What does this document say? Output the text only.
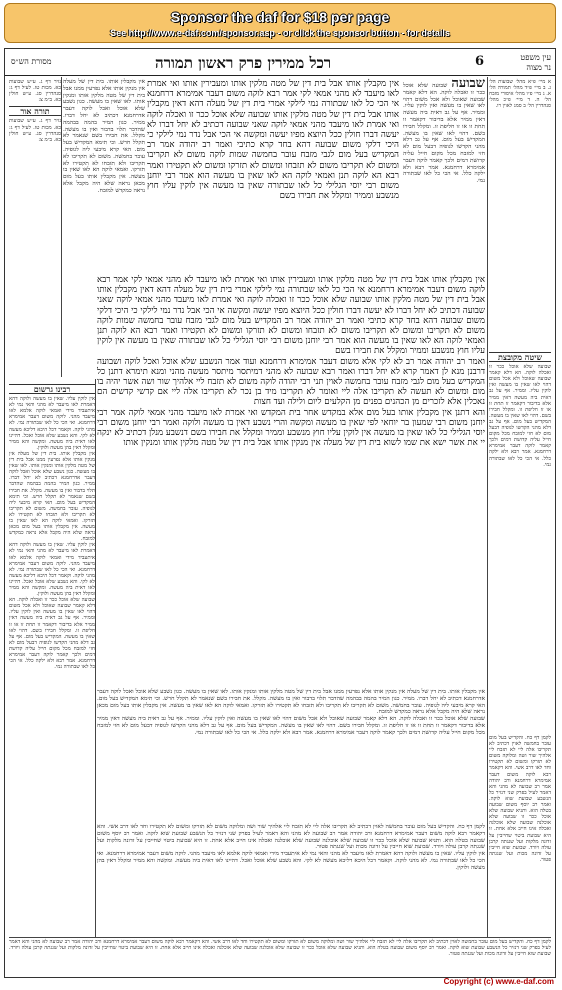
Sponsor the daf for $18 per page
See http://www.e-daf.com/sponsor.asp - or click the sponsor button - for details
מסורת הש״ס	רכל ממירין פרק ראשון תמורה	6	עין משפט
נר מצוה
א מיי׳ פ״א מהל׳ שבועות הל׳ ג. ב מיי׳ פ״ד מהל׳ תמורה הל׳ א. ג מיי׳ פ״ו מהל׳ איסורי מזבח הל׳ ה. ד מיי׳ פ״כ מהל׳ סנהדרין הל׳ ב סמג לאוין רו.
שיטה מקובצת
שבועה שלא אוכל ככר זו ואכלה לוקה. הא דלא קאמר שבועה שאוכל ולא אכל משום דהוי לאו שאין בו מעשה ואין לוקין עליו. וממיר. אף על גב דאית ביה מעשה דאין ממיר אלא בדיבור דקאמר זו תחת זו או זו חליפת זו. ומקלל חבירו בשם. דהוי לאו שאין בו מעשה. המקדיש בעל מום. אף על גב דלא מהני הקדשו לגופיה דבעל מום לא חזי למזבח מכל מקום חייל עליה קדושת דמים ולכך קאמר לוקה דעבר אמימרא דרחמנא. אמר רבא ולא ילקה כלל. אי הכי כל לאו שבתורה נמי.
שבועה שבועה שלא אוכל ככר זו ואכלה לוקה. הא דלא קאמר שבועה שאוכל ולא אכל משום דהוי לאו שאין בו מעשה ואין לוקין עליו. וממיר. אף על גב דאית ביה מעשה דאין ממיר אלא בדיבור דקאמר זו תחת זו או זו חליפת זו. ומקלל חבירו בשם. דהוי לאו שאין בו מעשה. המקדיש בעל מום. אף על גב דלא מהני הקדשו לגופיה דבעל מום לא חזי למזבח מכל מקום חייל עליה קדושת דמים ולכך קאמר לוקה דעבר אמימרא דרחמנא. אמר רבא ולא ילקה כלל. אי הכי כל לאו שבתורה נמי.
אין מקבלין אותו אבל בית דין של מטה מלקין אותו ומעבירין אותו ואי אמרת לאו מיעבד לא מהני אמאי לקי אמר רבא לוקה משום דעבר אמימרא דרחמנא אי הכי כל לאו שבתורה נמי לילקי אמרי בית דין של מעלה דהא דאין מקבלין אותו אבל בית דין של מטה מלקין אותו שבועה שלא אוכל ככר זו ואכלה לוקה ואי אמרת לאו מיעבד מהני אמאי לוקה שאני שבועה דכתיב לא יחל דברו לא יעשה דברו חולין ככל היוצא מפיו יעשה ומקשה אי הכי אבל נדר נמי לילקי כי היכי דלקי משום שבועה דהא בחד קרא כתיבי ואמר רב יהודה אמר רב המקדיש בעל מום לגבי מזבח עובר בחמשה שמות לוקה משום לא תקריבו ומשום לא תקריבו משום לא תזבחו ומשום לא תזרקו ומשום לא תקטירו ואמר רבא הא לוקה תנן ואמאי לוקה הא לאו שאין בו מעשה הוא אמר רבי יוחנן משום רבי יוסי הגלילי כל לאו שבתורה שאין בו מעשה אין לוקין עליו חוץ מנשבע וממיר ומקלל את חבירו בשם
אין מקבלין אותו אבל בית דין של מטה מלקין אותו ומעבירין אותו ואי אמרת לאו מיעבד לא מהני אמאי לקי אמר רבא לוקה משום דעבר אמימרא דרחמנא אי הכי כל לאו שבתורה נמי לילקי אמרי בית דין של מעלה דהא דאין מקבלין אותו אבל בית דין של מטה מלקין אותו שבועה שלא אוכל ככר זו ואכלה לוקה ואי אמרת לאו מיעבד מהני אמאי לוקה שאני שבועה דכתיב לא יחל דברו לא יעשה דברו חולין ככל היוצא מפיו יעשה ומקשה אי הכי אבל נדר נמי לילקי כי היכי דלקי משום שבועה דהא בחד קרא כתיבי ואמר רב יהודה אמר רב המקדיש בעל מום לגבי מזבח עובר בחמשה שמות לוקה משום לא תקריבו ומשום לא תקריבו משום לא תזבחו ומשום לא תזרקו ומשום לא תקטירו ואמר רבא הא לוקה תנן ואמאי לוקה הא לאו שאין בו מעשה הוא אמר רבי יוחנן משום רבי יוסי הגלילי כל לאו שבתורה שאין בו מעשה אין לוקין עליו חוץ מנשבע וממיר ומקלל את חבירו בשם
ואמר רב יהודה אמר רב לא לקי אלא משום דעבר אמימרא דרחמנא ועוד אמר הנשבע שלא אוכל ואכל לוקה ושבועה דרבנן מנא לן דאמר קרא לא יחל דברו ואמר רבא שבועה לא מהני דמיתסר מיתסר מעשה מהני ומנא תימרא דתנן כל המקדיש בעל מום לגבי מזבח עובר בחמשה לאוין תני רבי יהודה לוקה משום לא תזבח ליי אלהיך שור ושה אשר יהיה בו מום ומשום לא תעשה לא תקריבו אלה ליי ואומר לא תקריבו מיד בן נכר לא תקריבו אלה ליי אם קדשי קדשים הם נאכלין אלא לזכרים מן הכהנים בפנים מן הקלעים ליום ולילה ועד חצות
והא דתנן אין מקבלין אותו בעל מום אלא במקדש אחר בית המקדש ואי אמרת לאו מיעבד מהני אמאי לוקה אמר רבי יוחנן משום רבי שמעון בר יוחאי לפי שאין בו מעשה ומקשה והרי נשבע דאין בו מעשה ולוקה ואמר רבי יוחנן משום רבי יוסי הגלילי כל לאו שאין בו מעשה אין לוקין עליו חוץ מנשבע וממיר ומקלל את חבירו בשם דנשבע מנלן דכתיב לא ינקה יי את אשר ישא את שמו לשוא בית דין של מעלה אין מנקין אותו אבל בית דין של מטה מלקין אותו ומנקין אותו
אין מקבלין אותו. בית דין של מעלה אין מנקין אותו אלא נפרעין ממנו אבל בית דין של מטה מלקין אותו ומנקין אותו. לאו שאין בו מעשה. כגון נשבע שלא אוכל ואכל לוקה דעבר אדרחמנא דכתיב לא יחל דברו. ממיר. כגון המיר בהמה בבהמה שהדבר תלוי בדבור ואין בו מעשה. מקלל. את חבירו בשם שנאמר לא תקלל חרש. וכי תימא המקדיש בעל מום. האי קרא מיבעי ליה לגופיה. עובר בחמשה. משום לא תקריבו לא תקריבו ולא תזבחו לא תקטירו לא תזרקו. ואמאי לוקה הא לאו שאין בו מעשה. אין מקבלין אותו בעל מום מכאן נראה שלא היה מקבל אלא נראה כמקדש למזבח.
נזיר דף ג. ע״ש שבועות כא. מכות טז. לעיל דף ג: סנהדרין סג. ע״ש חולין כא. ב״מ צ:
תורה אור
נזיר דף ג. ע״ש שבועות כא. מכות טז. לעיל דף ג: סנהדרין סג. ע״ש חולין כא. ב״מ צ:
רבינו גרשום
אין לוקין עליו. שאין בו מעשה ולוקה דהא דאמרת לאו מיעבד לא מהני והאי נמי לא איתעביד מידי ואמאי לוקה אלמא לאו מיעבד מהני. לוקה משום דעבר אמימרא דרחמנא. ואי הכי כל לאו שבתורה נמי. לא מהני לוקה. וקאמר דכל היכא דליכא מעשה לא לקי. והא נשבע שלא אוכל ואכל. דהיינו לאו דאית ביה מעשה. ומקשה והא ממיר ומקלל דאין בהן מעשה ולוקין.
אין מקבלין אותו. בית דין של מעלה אין מנקין אותו אלא נפרעין ממנו אבל בית דין של מטה מלקין אותו ומנקין אותו. לאו שאין בו מעשה. כגון נשבע שלא אוכל ואכל לוקה דעבר אדרחמנא דכתיב לא יחל דברו. ממיר. כגון המיר בהמה בבהמה שהדבר תלוי בדבור ואין בו מעשה. מקלל. את חבירו בשם שנאמר לא תקלל חרש. וכי תימא המקדיש בעל מום. האי קרא מיבעי ליה לגופיה. עובר בחמשה. משום לא תקריבו לא תקריבו ולא תזבחו לא תקטירו לא תזרקו. ואמאי לוקה הא לאו שאין בו מעשה. אין מקבלין אותו בעל מום מכאן נראה שלא היה מקבל אלא נראה כמקדש למזבח.
אין לוקין עליו. שאין בו מעשה ולוקה דהא דאמרת לאו מיעבד לא מהני והאי נמי לא איתעביד מידי ואמאי לוקה אלמא לאו מיעבד מהני. לוקה משום דעבר אמימרא דרחמנא. ואי הכי כל לאו שבתורה נמי. לא מהני לוקה. וקאמר דכל היכא דליכא מעשה לא לקי. והא נשבע שלא אוכל ואכל. דהיינו לאו דאית ביה מעשה. ומקשה והא ממיר ומקלל דאין בהן מעשה ולוקין.
שבועה שלא אוכל ככר זו ואכלה לוקה. הא דלא קאמר שבועה שאוכל ולא אכל משום דהוי לאו שאין בו מעשה ואין לוקין עליו. וממיר. אף על גב דאית ביה מעשה דאין ממיר אלא בדיבור דקאמר זו תחת זו או זו חליפת זו. ומקלל חבירו בשם. דהוי לאו שאין בו מעשה. המקדיש בעל מום. אף על גב דלא מהני הקדשו לגופיה דבעל מום לא חזי למזבח מכל מקום חייל עליה קדושת דמים ולכך קאמר לוקה דעבר אמימרא דרחמנא. אמר רבא ולא ילקה כלל. אי הכי כל לאו שבתורה נמי.
אין מקבלין אותו. בית דין של מעלה אין מנקין אותו אלא נפרעין ממנו אבל בית דין של מטה מלקין אותו ומנקין אותו. לאו שאין בו מעשה. כגון נשבע שלא אוכל ואכל לוקה דעבר אדרחמנא דכתיב לא יחל דברו. ממיר. כגון המיר בהמה בבהמה שהדבר תלוי בדבור ואין בו מעשה. מקלל. את חבירו בשם שנאמר לא תקלל חרש. וכי תימא המקדיש בעל מום. האי קרא מיבעי ליה לגופיה. עובר בחמשה. משום לא תקריבו לא תקריבו ולא תזבחו לא תקטירו לא תזרקו. ואמאי לוקה הא לאו שאין בו מעשה. אין מקבלין אותו בעל מום מכאן נראה שלא היה מקבל אלא נראה כמקדש למזבח.
שבועה שלא אוכל ככר זו ואכלה לוקה. הא דלא קאמר שבועה שאוכל ולא אכל משום דהוי לאו שאין בו מעשה ואין לוקין עליו. וממיר. אף על גב דאית ביה מעשה דאין ממיר אלא בדיבור דקאמר זו תחת זו או זו חליפת זו. ומקלל חבירו בשם. דהוי לאו שאין בו מעשה. המקדיש בעל מום. אף על גב דלא מהני הקדשו לגופיה דבעל מום לא חזי למזבח מכל מקום חייל עליה קדושת דמים ולכך קאמר לוקה דעבר אמימרא דרחמנא. אמר רבא ולא ילקה כלל. אי הכי כל לאו שבתורה נמי.
לקמן דף כח. והקדיש בעל מום עובר בחמשה לאוין דכתיב לא תקריבו אלה ליי לא תזבח ליי אלהיך שור ושה ומלוקה משום לא תזרקו ומשום לא תקטירו וחד לאו דרב אשי. והא דקאמר רבא לוקה משום דעבר אמימרא דרחמנא ורב יהודה אמר רב שבועה לא מהני והא דאמר לעיל בפרק שני דנזיר כל הנשבע שבועת שוא לוקה. ואמר רב יוסף משום שבועה בטלה הוא. ותניא שבועה שלא אוכל ככר זו שבועה שלא אוכלנה שבועה שלא אוכלנה ואכלה אינו חייב אלא אחת. זו היא שבועת ביטוי שחייבין על זדונה מלקות ועל שגגתה קרבן עולה ויורד. שבועת שוא חייבין על זדונה מכות ועל שגגתה פטור.
אין לוקין עליו. שאין בו מעשה ולוקה דהא דאמרת לאו מיעבד לא מהני והאי נמי לא איתעביד מידי ואמאי לוקה אלמא לאו מיעבד מהני. לוקה משום דעבר אמימרא דרחמנא. ואי הכי כל לאו שבתורה נמי. לא מהני לוקה. וקאמר דכל היכא דליכא מעשה לא לקי. והא נשבע שלא אוכל ואכל. דהיינו לאו דאית ביה מעשה. ומקשה והא ממיר ומקלל דאין בהן מעשה ולוקין.
לקמן דף כח. והקדיש בעל מום עובר בחמשה לאוין דכתיב לא תקריבו אלה ליי לא תזבח ליי אלהיך שור ושה ומלוקה משום לא תזרקו ומשום לא תקטירו וחד לאו דרב אשי. והא דקאמר רבא לוקה משום דעבר אמימרא דרחמנא ורב יהודה אמר רב שבועה לא מהני והא דאמר לעיל בפרק שני דנזיר כל הנשבע שבועת שוא לוקה. ואמר רב יוסף משום שבועה בטלה הוא. ותניא שבועה שלא אוכל ככר זו שבועה שלא אוכלנה שבועה שלא אוכלנה ואכלה אינו חייב אלא אחת. זו היא שבועת ביטוי שחייבין על זדונה מלקות ועל שגגתה קרבן עולה ויורד. שבועת שוא חייבין על זדונה מכות ועל שגגתה פטור.
לקמן דף כח. והקדיש בעל מום עובר בחמשה לאוין דכתיב לא תקריבו אלה ליי לא תזבח ליי אלהיך שור ושה ומלוקה משום לא תזרקו ומשום לא תקטירו וחד לאו דרב אשי. והא דקאמר רבא לוקה משום דעבר אמימרא דרחמנא ורב יהודה אמר רב שבועה לא מהני והא דאמר לעיל בפרק שני דנזיר כל הנשבע שבועת שוא לוקה. ואמר רב יוסף משום שבועה בטלה הוא. ותניא שבועה שלא אוכל ככר זו שבועה שלא אוכלנה שבועה שלא אוכלנה ואכלה אינו חייב אלא אחת. זו היא שבועת ביטוי שחייבין על זדונה מלקות ועל שגגתה קרבן עולה ויורד. שבועת שוא חייבין על זדונה מכות ועל שגגתה פטור.
Copyright (c) www.e-daf.com
